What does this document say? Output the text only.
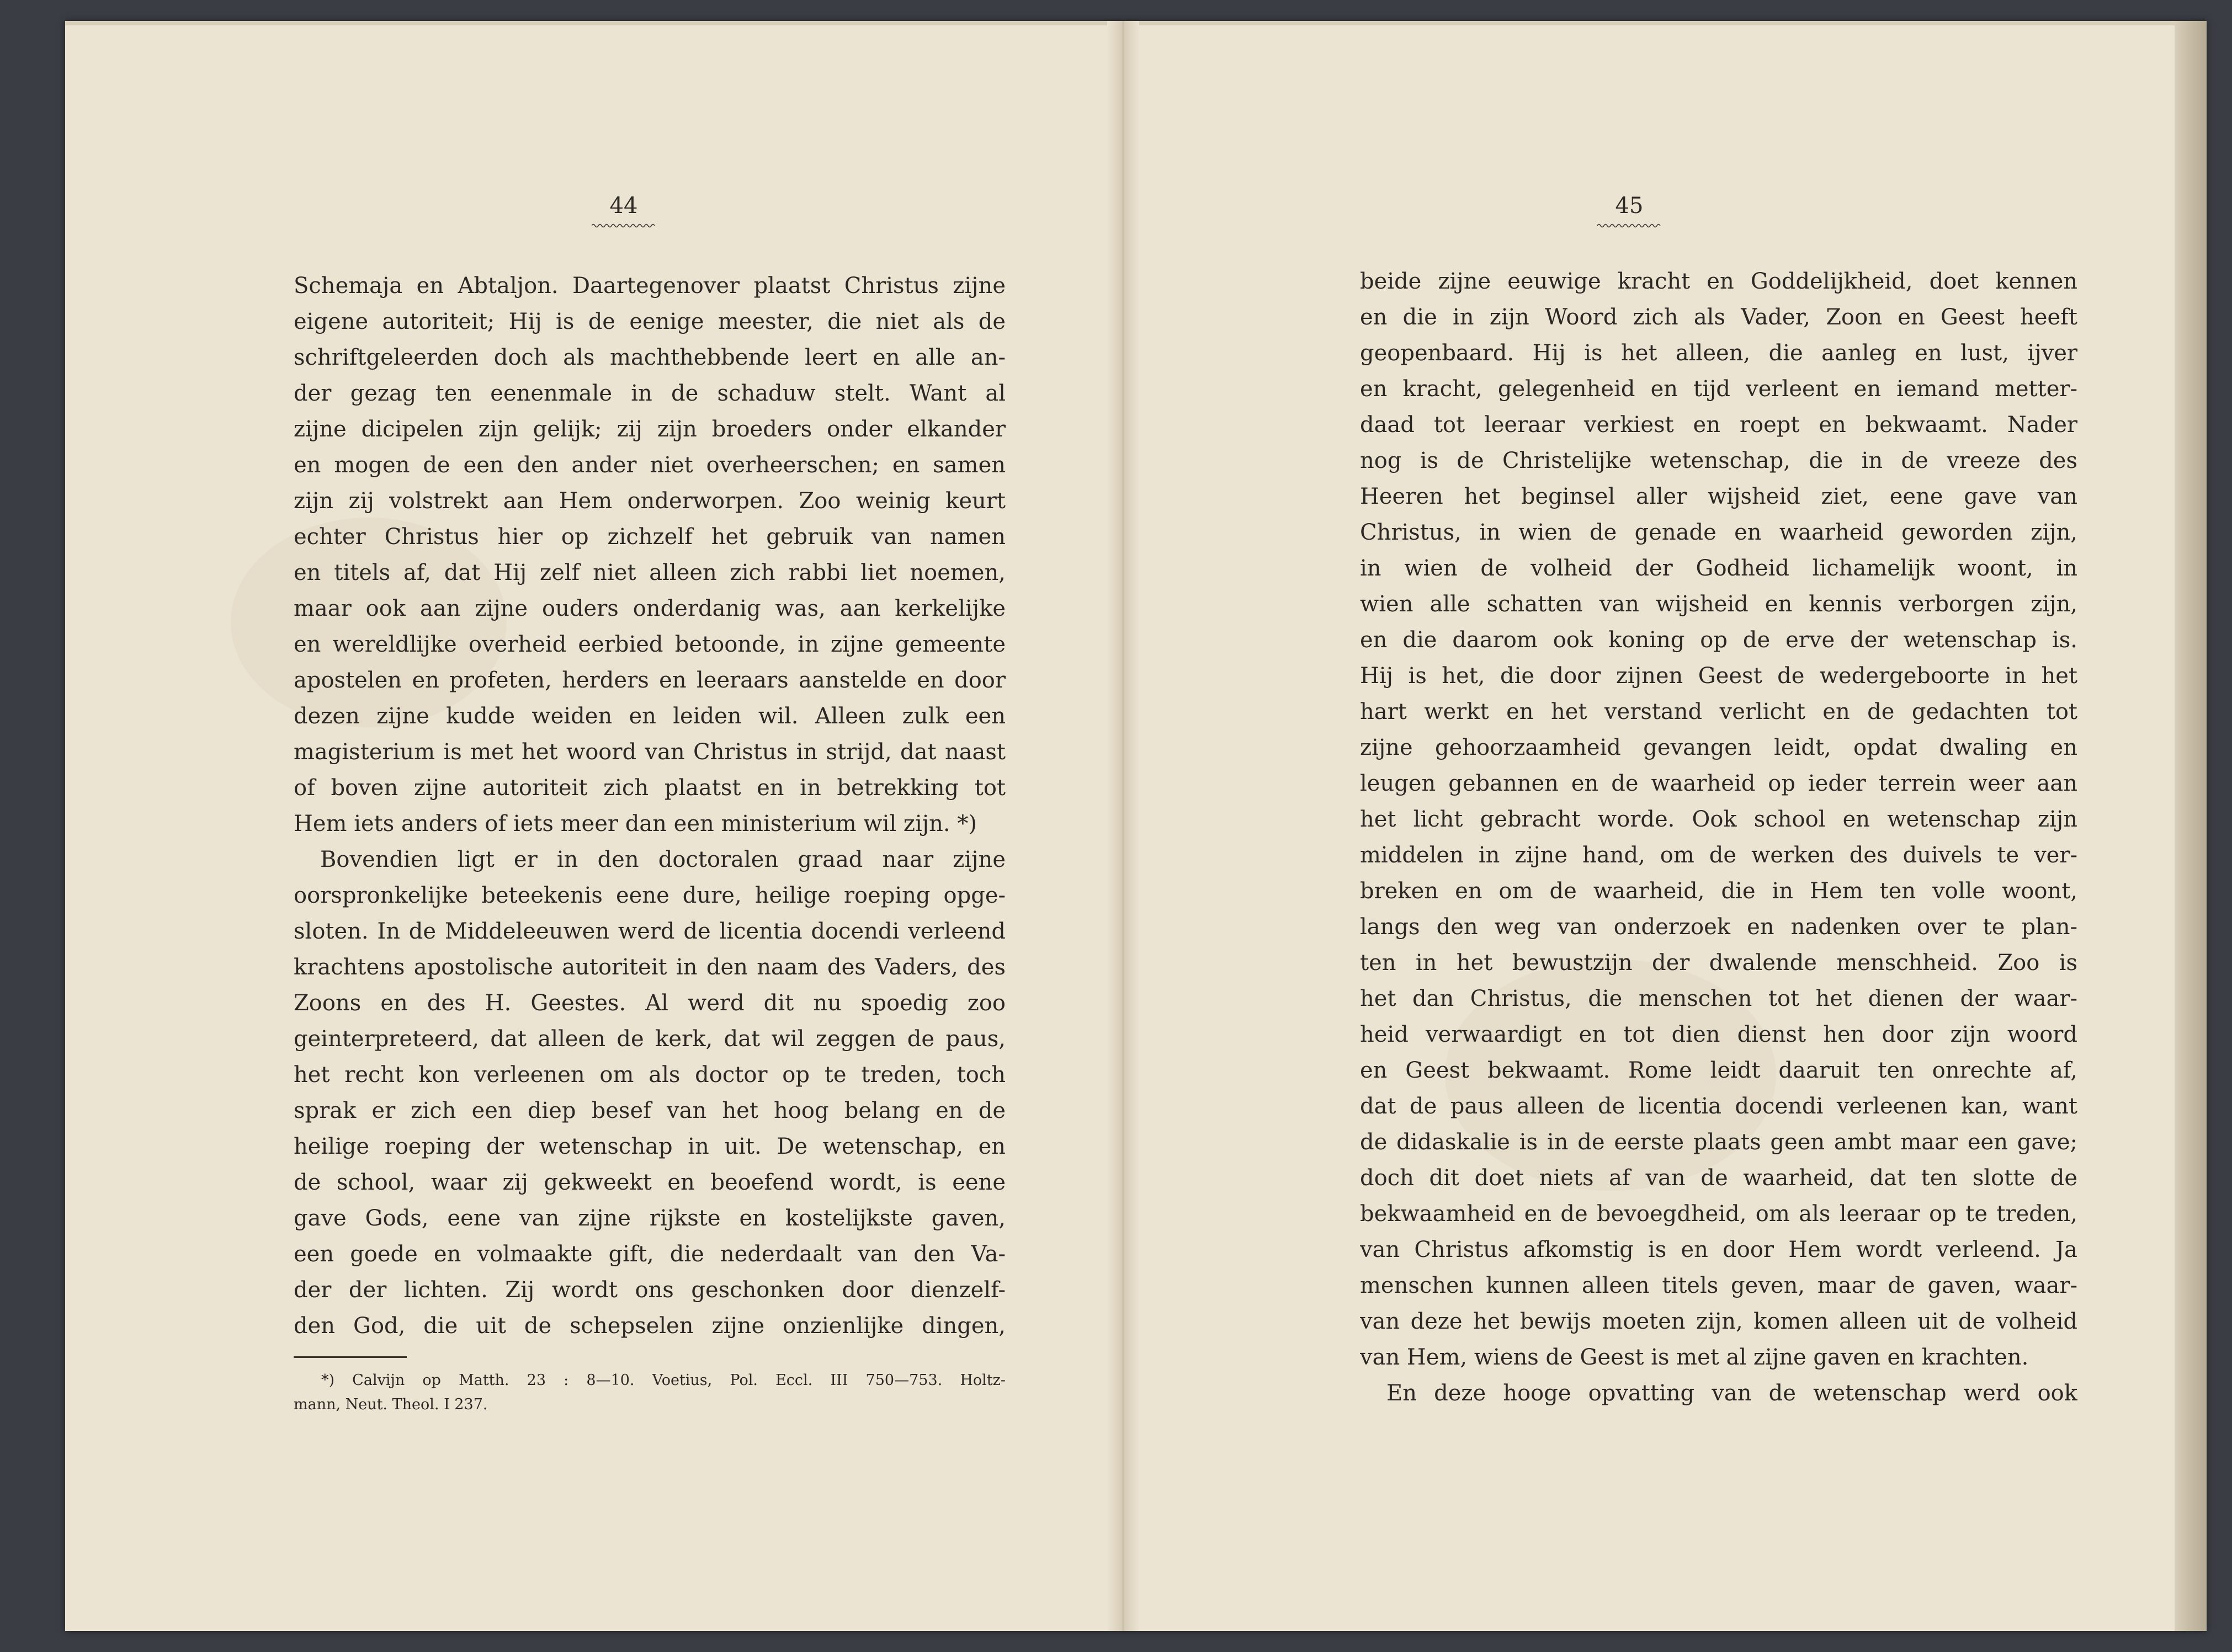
44
Schemaja en Abtaljon. Daartegenover plaatst Christus zijne
eigene autoriteit; Hij is de eenige meester, die niet als de
schriftgeleerden doch als machthebbende leert en alle an-
der gezag ten eenenmale in de schaduw stelt. Want al
zijne dicipelen zijn gelijk; zij zijn broeders onder elkander
en mogen de een den ander niet overheerschen; en samen
zijn zij volstrekt aan Hem onderworpen. Zoo weinig keurt
echter Christus hier op zichzelf het gebruik van namen
en titels af, dat Hij zelf niet alleen zich rabbi liet noemen,
maar ook aan zijne ouders onderdanig was, aan kerkelijke
en wereldlijke overheid eerbied betoonde, in zijne gemeente
apostelen en profeten, herders en leeraars aanstelde en door
dezen zijne kudde weiden en leiden wil. Alleen zulk een
magisterium is met het woord van Christus in strijd, dat naast
of boven zijne autoriteit zich plaatst en in betrekking tot
Hem iets anders of iets meer dan een ministerium wil zijn. *)
Bovendien ligt er in den doctoralen graad naar zijne
oorspronkelijke beteekenis eene dure, heilige roeping opge-
sloten. In de Middeleeuwen werd de licentia docendi verleend
krachtens apostolische autoriteit in den naam des Vaders, des
Zoons en des H. Geestes. Al werd dit nu spoedig zoo
geinterpreteerd, dat alleen de kerk, dat wil zeggen de paus,
het recht kon verleenen om als doctor op te treden, toch
sprak er zich een diep besef van het hoog belang en de
heilige roeping der wetenschap in uit. De wetenschap, en
de school, waar zij gekweekt en beoefend wordt, is eene
gave Gods, eene van zijne rijkste en kostelijkste gaven,
een goede en volmaakte gift, die nederdaalt van den Va-
der der lichten. Zij wordt ons geschonken door dienzelf-
den God, die uit de schepselen zijne onzienlijke dingen,
*) Calvijn op Matth. 23 : 8—10. Voetius, Pol. Eccl. III 750—753. Holtz-
mann, Neut. Theol. I 237.
45
beide zijne eeuwige kracht en Goddelijkheid, doet kennen
en die in zijn Woord zich als Vader, Zoon en Geest heeft
geopenbaard. Hij is het alleen, die aanleg en lust, ijver
en kracht, gelegenheid en tijd verleent en iemand metter-
daad tot leeraar verkiest en roept en bekwaamt. Nader
nog is de Christelijke wetenschap, die in de vreeze des
Heeren het beginsel aller wijsheid ziet, eene gave van
Christus, in wien de genade en waarheid geworden zijn,
in wien de volheid der Godheid lichamelijk woont, in
wien alle schatten van wijsheid en kennis verborgen zijn,
en die daarom ook koning op de erve der wetenschap is.
Hij is het, die door zijnen Geest de wedergeboorte in het
hart werkt en het verstand verlicht en de gedachten tot
zijne gehoorzaamheid gevangen leidt, opdat dwaling en
leugen gebannen en de waarheid op ieder terrein weer aan
het licht gebracht worde. Ook school en wetenschap zijn
middelen in zijne hand, om de werken des duivels te ver-
breken en om de waarheid, die in Hem ten volle woont,
langs den weg van onderzoek en nadenken over te plan-
ten in het bewustzijn der dwalende menschheid. Zoo is
het dan Christus, die menschen tot het dienen der waar-
heid verwaardigt en tot dien dienst hen door zijn woord
en Geest bekwaamt. Rome leidt daaruit ten onrechte af,
dat de paus alleen de licentia docendi verleenen kan, want
de didaskalie is in de eerste plaats geen ambt maar een gave;
doch dit doet niets af van de waarheid, dat ten slotte de
bekwaamheid en de bevoegdheid, om als leeraar op te treden,
van Christus afkomstig is en door Hem wordt verleend. Ja
menschen kunnen alleen titels geven, maar de gaven, waar-
van deze het bewijs moeten zijn, komen alleen uit de volheid
van Hem, wiens de Geest is met al zijne gaven en krachten.
En deze hooge opvatting van de wetenschap werd ook
